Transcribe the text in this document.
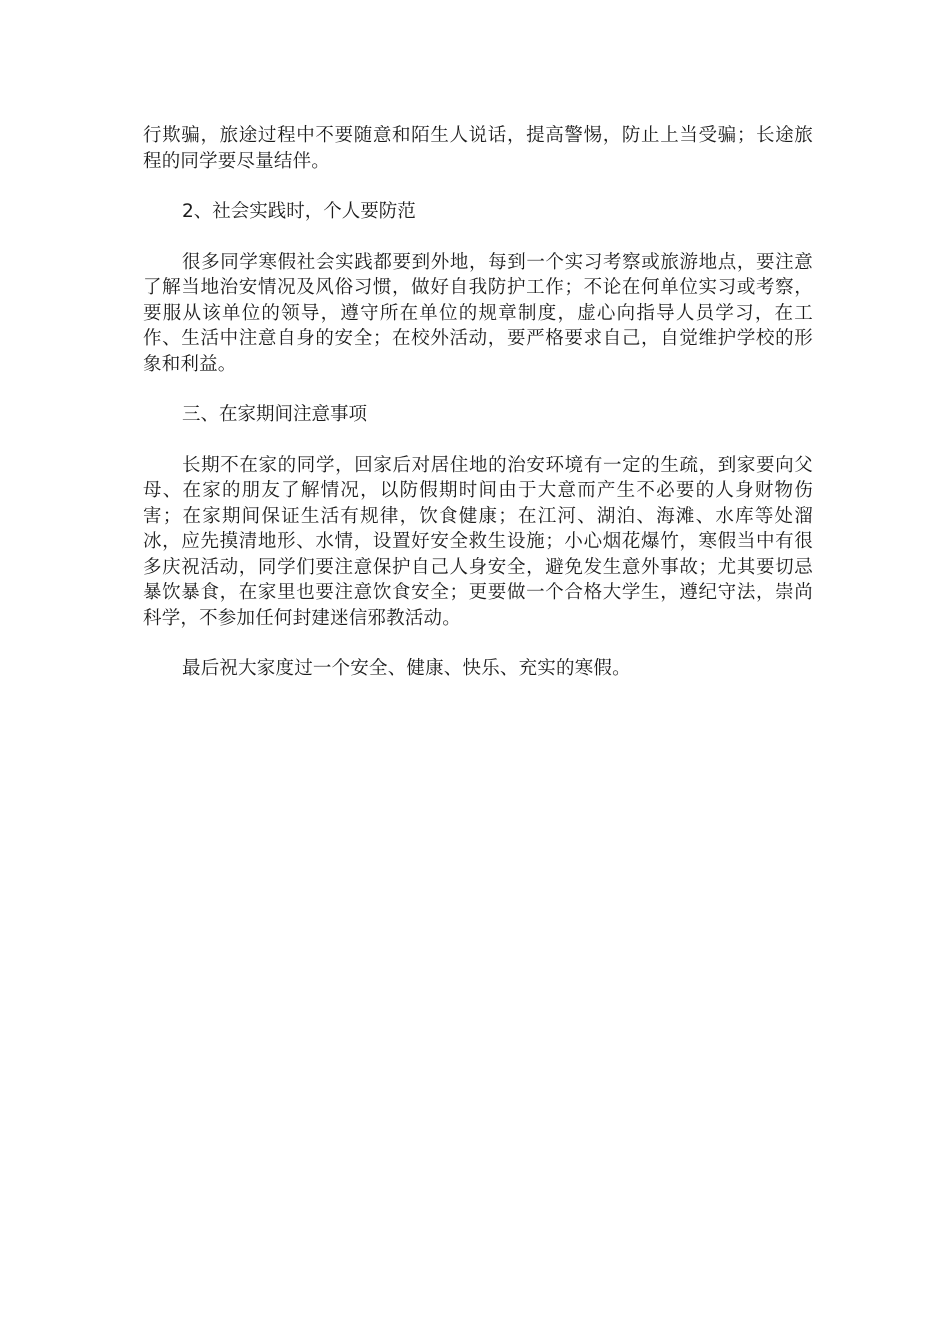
行欺骗，旅途过程中不要随意和陌生人说话，提高警惕，防止上当受骗；长途旅程的同学要尽量结伴。

2、社会实践时，个人要防范

很多同学寒假社会实践都要到外地，每到一个实习考察或旅游地点，要注意了解当地治安情况及风俗习惯，做好自我防护工作；不论在何单位实习或考察，要服从该单位的领导，遵守所在单位的规章制度，虚心向指导人员学习，在工作、生活中注意自身的安全；在校外活动，要严格要求自己，自觉维护学校的形象和利益。

三、在家期间注意事项

长期不在家的同学，回家后对居住地的治安环境有一定的生疏，到家要向父母、在家的朋友了解情况，以防假期时间由于大意而产生不必要的人身财物伤害；在家期间保证生活有规律，饮食健康；在江河、湖泊、海滩、水库等处溜冰，应先摸清地形、水情，设置好安全救生设施；小心烟花爆竹，寒假当中有很多庆祝活动，同学们要注意保护自己人身安全，避免发生意外事故；尤其要切忌暴饮暴食，在家里也要注意饮食安全；更要做一个合格大学生，遵纪守法，崇尚科学，不参加任何封建迷信邪教活动。

最后祝大家度过一个安全、健康、快乐、充实的寒假。
